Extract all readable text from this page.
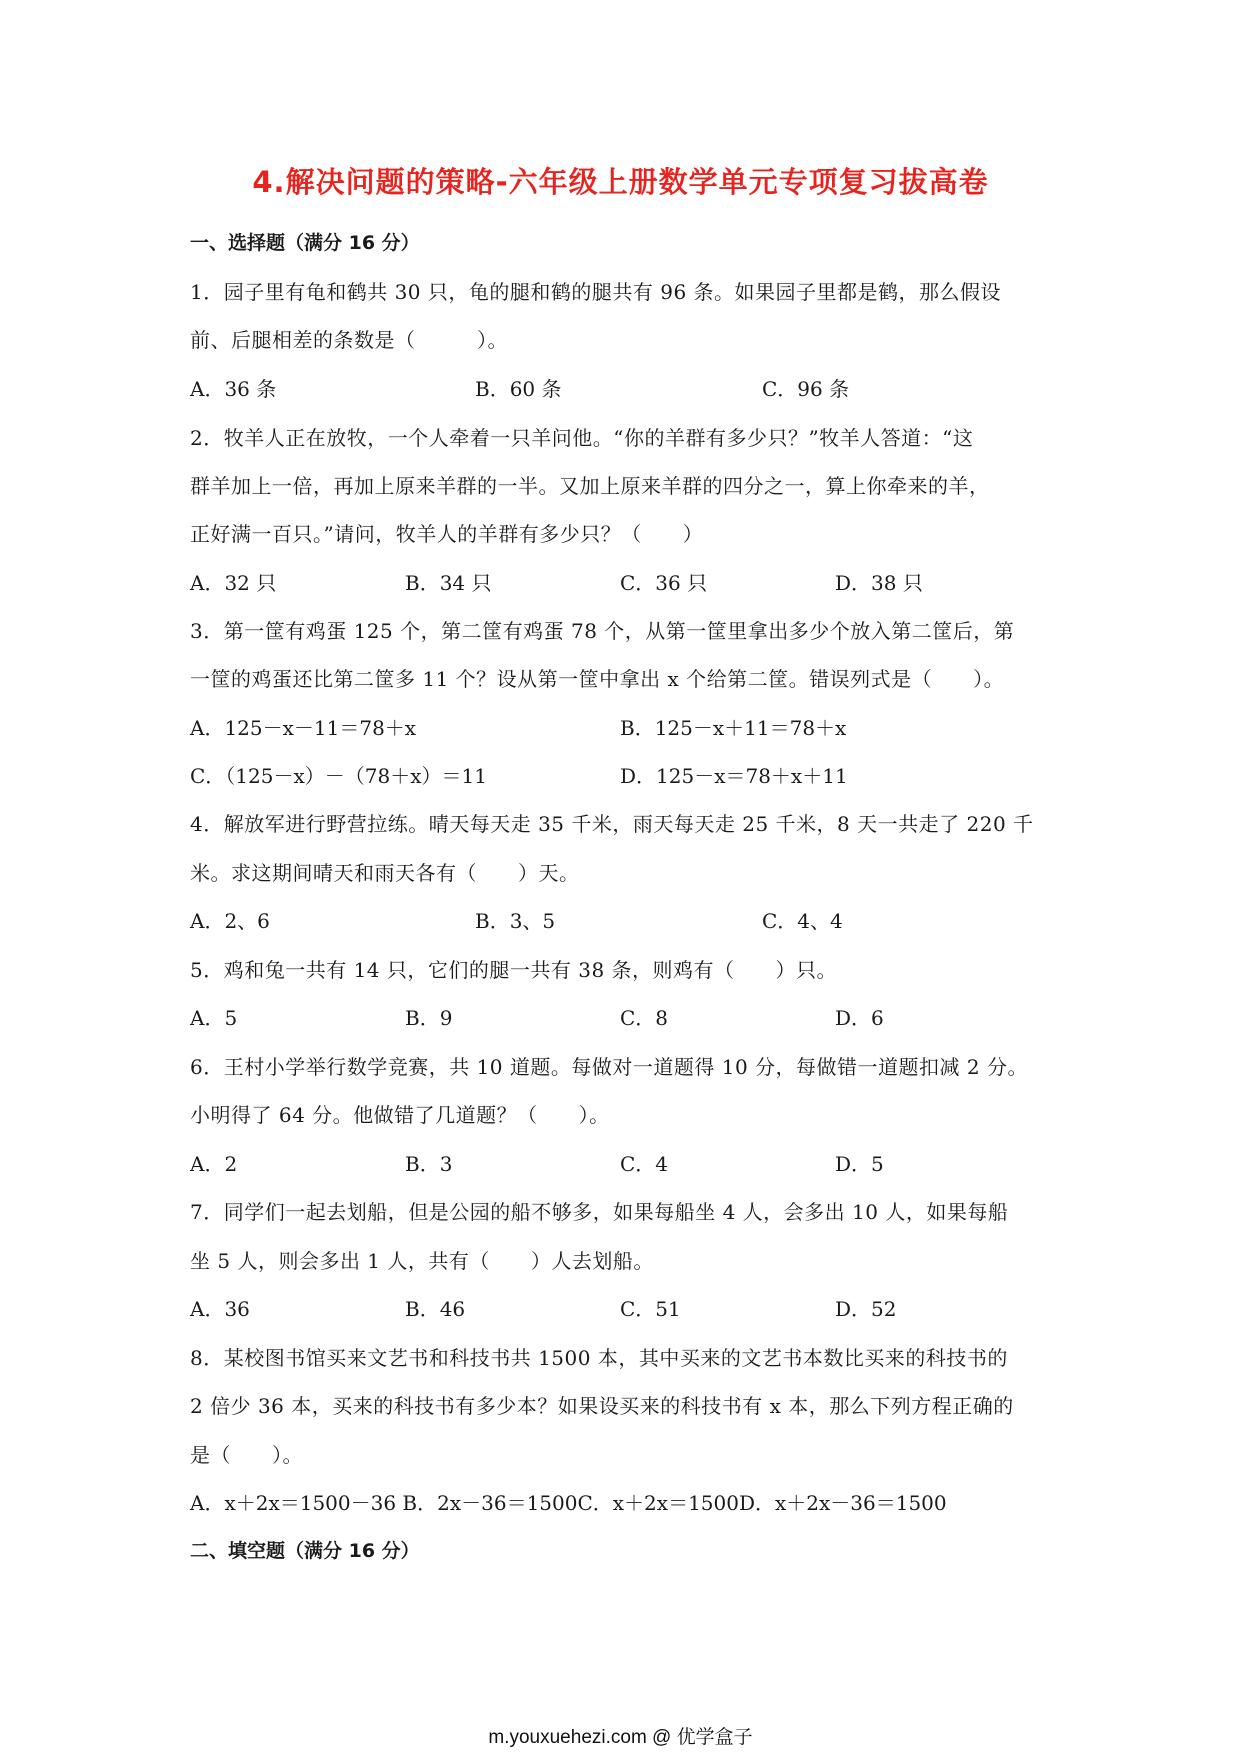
4.解决问题的策略-六年级上册数学单元专项复习拔高卷
一、选择题（满分 16 分）
1．园子里有龟和鹤共 30 只，龟的腿和鹤的腿共有 96 条。如果园子里都是鹤，那么假设
前、后腿相差的条数是（　　　）。
A．36 条	B．60 条	C．96 条
2．牧羊人正在放牧，一个人牵着一只羊问他。“你的羊群有多少只？”牧羊人答道：“这
群羊加上一倍，再加上原来羊群的一半。又加上原来羊群的四分之一，算上你牵来的羊，
正好满一百只。”请问，牧羊人的羊群有多少只？（　　）
A．32 只	B．34 只	C．36 只	D．38 只
3．第一筐有鸡蛋 125 个，第二筐有鸡蛋 78 个，从第一筐里拿出多少个放入第二筐后，第
一筐的鸡蛋还比第二筐多 11 个？设从第一筐中拿出 x 个给第二筐。错误列式是（　　）。
A．125－x－11＝78＋x	B．125－x＋11＝78＋x
C．（125－x）－（78＋x）＝11	D．125－x＝78＋x＋11
4．解放军进行野营拉练。晴天每天走 35 千米，雨天每天走 25 千米，8 天一共走了 220 千
米。求这期间晴天和雨天各有（　　）天。
A．2、6	B．3、5	C．4、4
5．鸡和兔一共有 14 只，它们的腿一共有 38 条，则鸡有（　　）只。
A．5	B．9	C．8	D．6
6．王村小学举行数学竞赛，共 10 道题。每做对一道题得 10 分，每做错一道题扣减 2 分。
小明得了 64 分。他做错了几道题？（　　）。
A．2	B．3	C．4	D．5
7．同学们一起去划船，但是公园的船不够多，如果每船坐 4 人，会多出 10 人，如果每船
坐 5 人，则会多出 1 人，共有（　　）人去划船。
A．36	B．46	C．51	D．52
8．某校图书馆买来文艺书和科技书共 1500 本，其中买来的文艺书本数比买来的科技书的
2 倍少 36 本，买来的科技书有多少本？如果设买来的科技书有 x 本，那么下列方程正确的
是（　　）。
A．x＋2x＝1500－36 B．2x－36＝1500C．x＋2x＝1500D．x＋2x－36＝1500
二、填空题（满分 16 分）
m.youxuehezi.com @ 优学盒子
